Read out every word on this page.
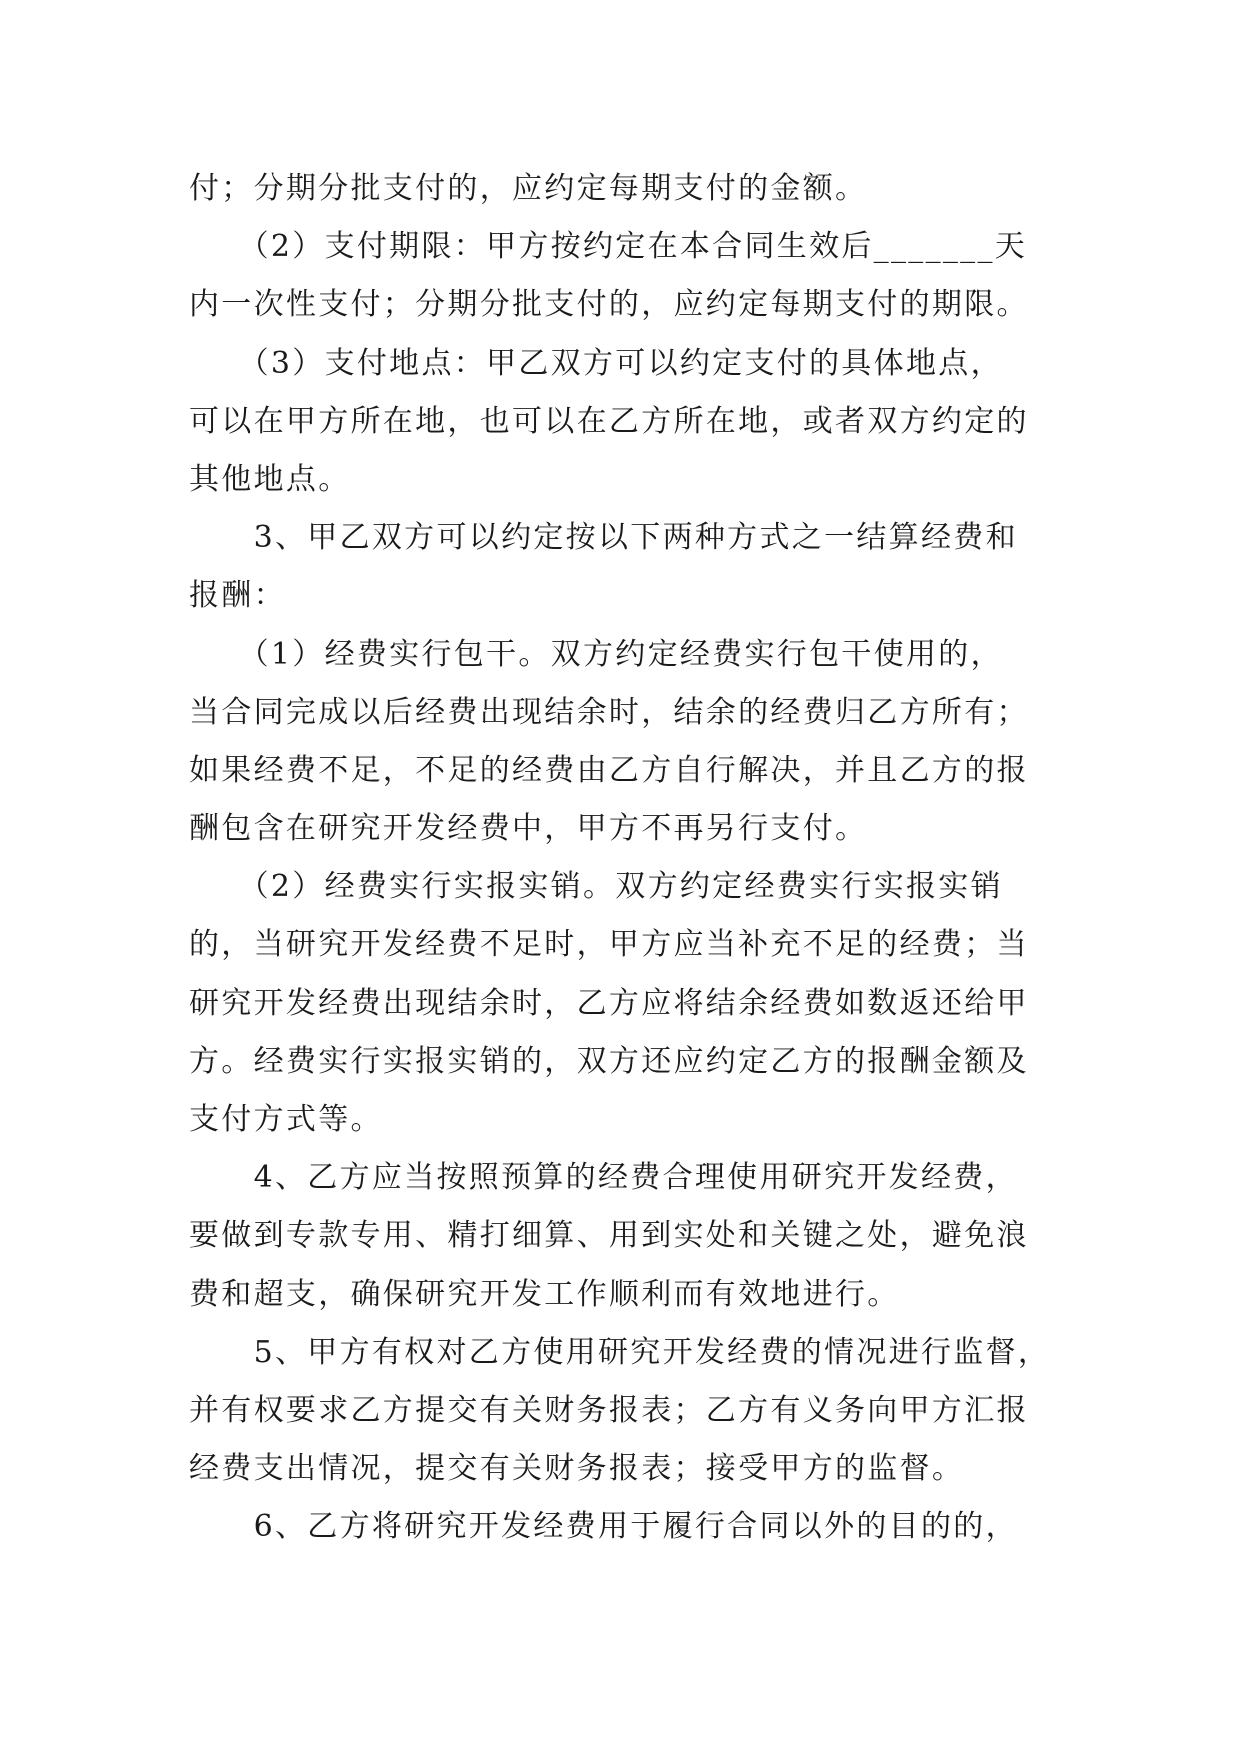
付；分期分批支付的，应约定每期支付的金额。
　　（2）支付期限：甲方按约定在本合同生效后_______天
内一次性支付；分期分批支付的，应约定每期支付的期限。
　　（3）支付地点：甲乙双方可以约定支付的具体地点，
可以在甲方所在地，也可以在乙方所在地，或者双方约定的
其他地点。
　　3、甲乙双方可以约定按以下两种方式之一结算经费和
报酬：
　　（1）经费实行包干。双方约定经费实行包干使用的，
当合同完成以后经费出现结余时，结余的经费归乙方所有；
如果经费不足，不足的经费由乙方自行解决，并且乙方的报
酬包含在研究开发经费中，甲方不再另行支付。
　　（2）经费实行实报实销。双方约定经费实行实报实销
的，当研究开发经费不足时，甲方应当补充不足的经费；当
研究开发经费出现结余时，乙方应将结余经费如数返还给甲
方。经费实行实报实销的，双方还应约定乙方的报酬金额及
支付方式等。
　　4、乙方应当按照预算的经费合理使用研究开发经费，
要做到专款专用、精打细算、用到实处和关键之处，避免浪
费和超支，确保研究开发工作顺利而有效地进行。
　　5、甲方有权对乙方使用研究开发经费的情况进行监督，
并有权要求乙方提交有关财务报表；乙方有义务向甲方汇报
经费支出情况，提交有关财务报表；接受甲方的监督。
　　6、乙方将研究开发经费用于履行合同以外的目的的，
